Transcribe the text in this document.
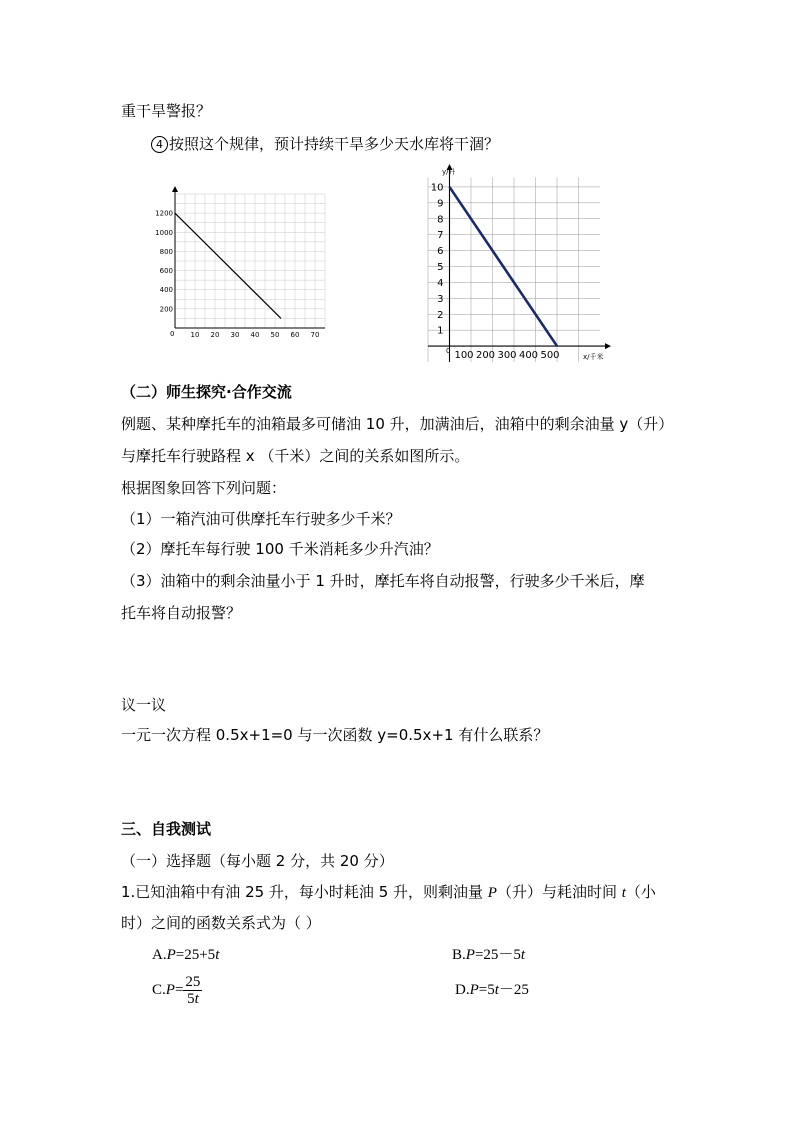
重干旱警报？
4 按照这个规律，预计持续干旱多少天水库将干涸？
200
400
600
800
1000
1200
10 20 30 40 50 60 70
0	1
2
3
4
5
6
7
8
9
10
100 200 300 400 500
y/升
x/千米
0
（二）师生探究·合作交流
例题、某种摩托车的油箱最多可储油 10 升，加满油后，油箱中的剩余油量 y（升）
与摩托车行驶路程 x （千米）之间的关系如图所示。
根据图象回答下列问题：
（1）一箱汽油可供摩托车行驶多少千米？
（2）摩托车每行驶 100 千米消耗多少升汽油？
（3）油箱中的剩余油量小于 1 升时，摩托车将自动报警，行驶多少千米后，摩
托车将自动报警？
议一议
一元一次方程 0.5x+1=0 与一次函数 y=0.5x+1 有什么联系？
三、自我测试
（一）选择题（每小题 2 分，共 20 分）
1.已知油箱中有油 25 升，每小时耗油 5 升，则剩油量 P（升）与耗油时间 t（小
时）之间的函数关系式为（ ）
A.P=25+5t	B.P=25－5t
$C.P= \frac{25}{5t}$	D.P=5t－25
